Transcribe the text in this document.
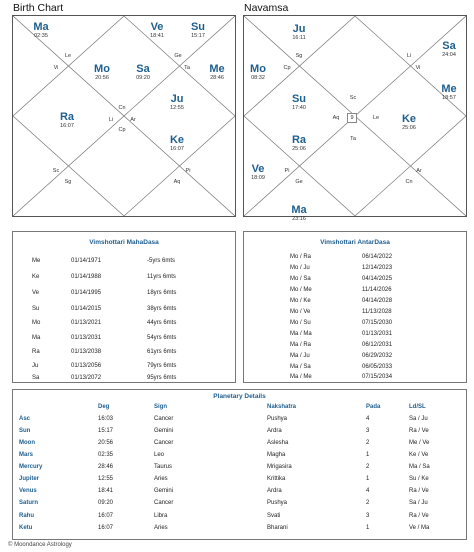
Birth Chart	Navamsa
Ma
02:35
Ve
18:41
Su
15:17
Mo
20:56
Sa
09:20
Me
28:46
Ju
12:55
Ra
16:07
Ke
16:07
Le	Ge
Vi	Ta
Cn
Li	Ar
Cp
Sc	Pi
Sg	Aq
Ju
16:11
Sa
24:04
Mo
08:32
Me
18:57
Su
17:40
Ke
25:06
Ra
25:06
Ve
18:09
Ma
23:16
Sg	Li
Cp	Vi
Sc
Aq	Le
9
Ta
Pi	Ar
Ge	Cn
Vimshottari MahaDasa
Me	01/14/1971	-5yrs 6mts
Ke	01/14/1988	11yrs 6mts
Ve	01/14/1995	18yrs 6mts
Su	01/14/2015	38yrs 6mts
Mo	01/13/2021	44yrs 6mts
Ma	01/13/2031	54yrs 6mts
Ra	01/13/2038	61yrs 6mts
Ju	01/13/2056	79yrs 6mts
Sa	01/13/2072	95yrs 6mts
Vimshottari AntarDasa
Mo / Ra	06/14/2022
Mo / Ju	12/14/2023
Mo / Sa	04/14/2025
Mo / Me	11/14/2026
Mo / Ke	04/14/2028
Mo / Ve	11/13/2028
Mo / Su	07/15/2030
Ma / Ma	01/13/2031
Ma / Ra	06/12/2031
Ma / Ju	06/29/2032
Ma / Sa	06/05/2033
Ma / Me	07/15/2034
Planetary Details
Deg	Sign	Nakshatra	Pada	Ld/SL
Asc	16:03	Cancer	Pushya	4	Sa / Ju
Sun	15:17	Gemini	Ardra	3	Ra / Ve
Moon	20:56	Cancer	Aslesha	2	Me / Ve
Mars	02:35	Leo	Magha	1	Ke / Ve
Mercury	28:46	Taurus	Mrigasira	2	Ma / Sa
Jupiter	12:55	Aries	Krittika	1	Su / Ke
Venus	18:41	Gemini	Ardra	4	Ra / Ve
Saturn	09:20	Cancer	Pushya	2	Sa / Ju
Rahu	16:07	Libra	Svati	3	Ra / Ve
Ketu	16:07	Aries	Bharani	1	Ve / Ma
© Moondance Astrology
